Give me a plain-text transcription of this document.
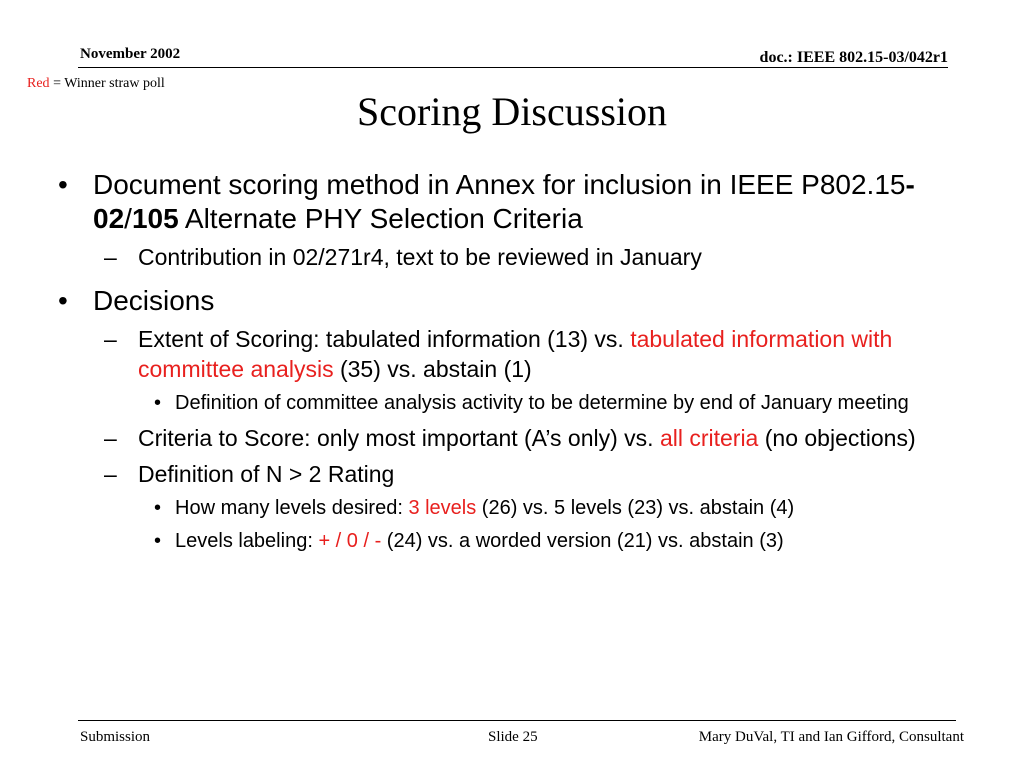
November 2002	doc.: IEEE 802.15-03/042r1
Red = Winner straw poll
Scoring Discussion
• Document scoring method in Annex for inclusion in IEEE P802.15-02/105 Alternate PHY Selection Criteria
– Contribution in 02/271r4, text to be reviewed in January
• Decisions
– Extent of Scoring: tabulated information (13) vs. tabulated information with committee analysis (35) vs. abstain (1)
• Definition of committee analysis activity to be determine by end of January meeting
– Criteria to Score: only most important (A’s only) vs. all criteria (no objections)
– Definition of N > 2 Rating
• How many levels desired: 3 levels (26) vs. 5 levels (23) vs. abstain (4)
• Levels labeling: + / 0 / - (24) vs. a worded version (21) vs. abstain (3)
Submission	Slide 25	Mary DuVal, TI and Ian Gifford, Consultant
